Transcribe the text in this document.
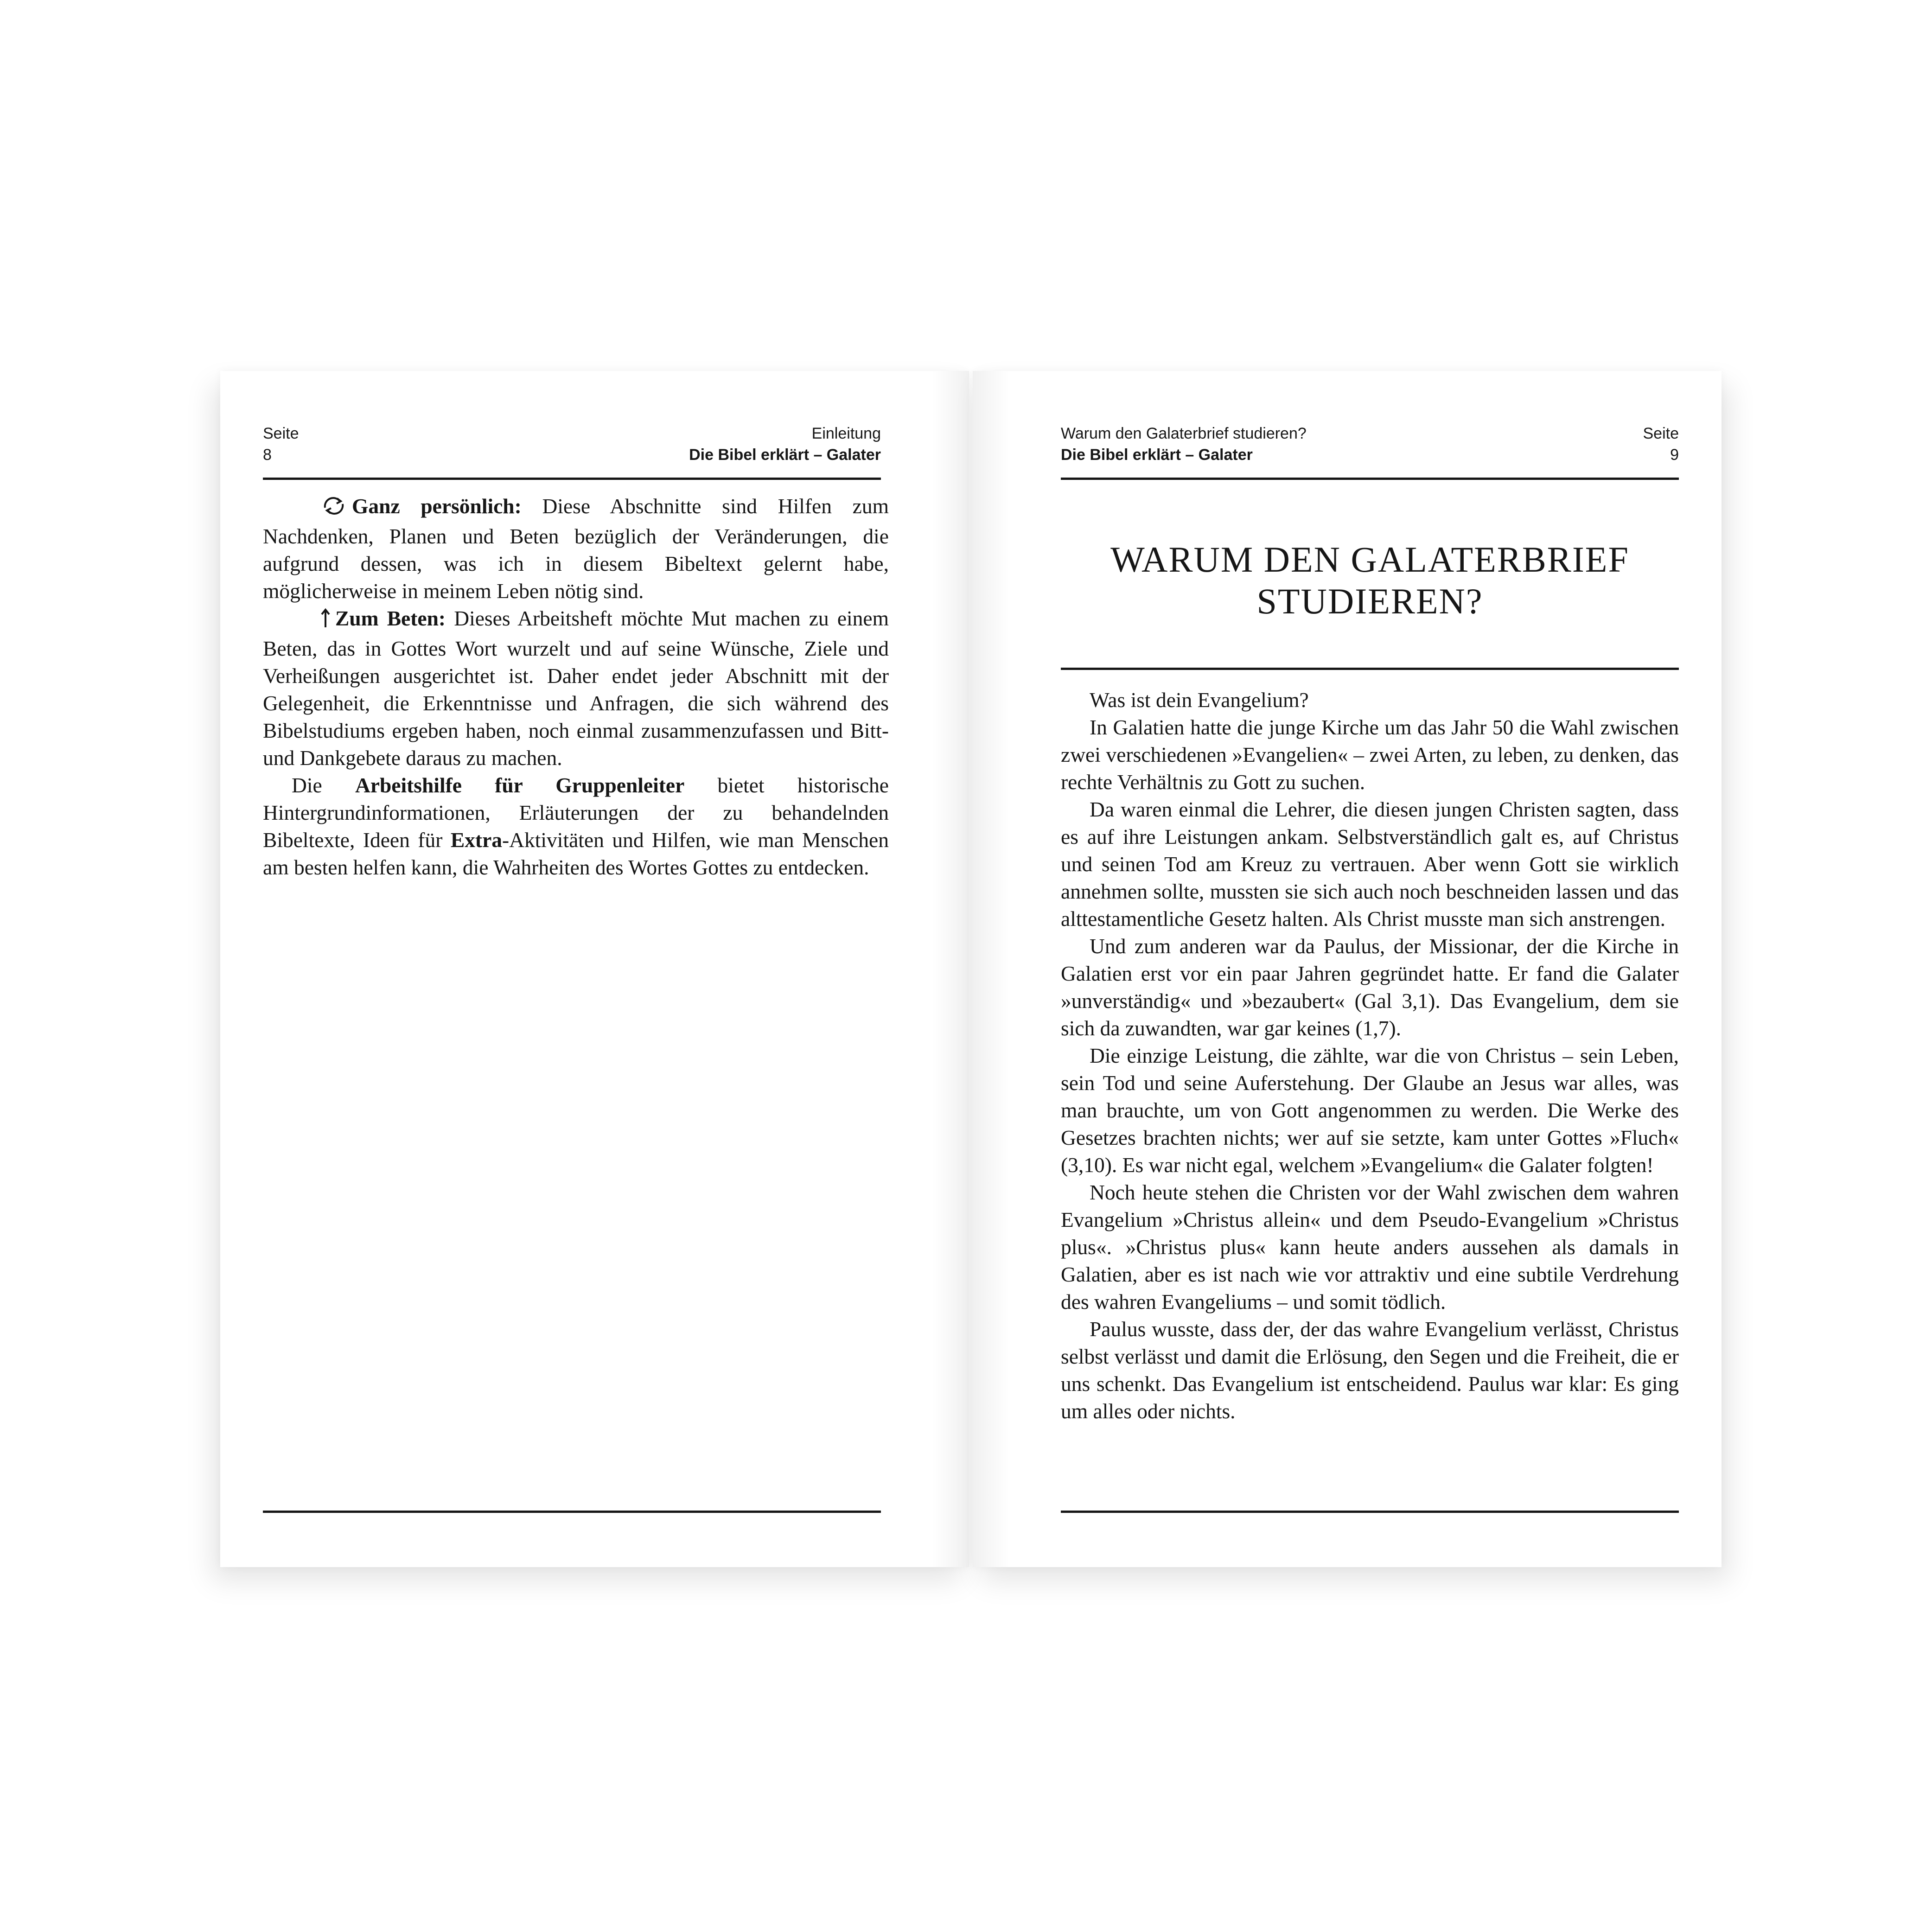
Seite	Einleitung
8	Die Bibel erklärt – Galater

Ganz persönlich: Diese Abschnitte sind Hilfen zum Nachdenken, Planen und Beten bezüglich der Veränderungen, die aufgrund dessen, was ich in diesem Bibeltext gelernt habe, möglicherweise in meinem Leben nötig sind.

Zum Beten: Dieses Arbeitsheft möchte Mut machen zu einem Beten, das in Gottes Wort wurzelt und auf seine Wünsche, Ziele und Verheißungen ausgerichtet ist. Daher endet jeder Abschnitt mit der Gelegenheit, die Erkenntnisse und Anfragen, die sich während des Bibelstudiums ergeben haben, noch einmal zusammenzufassen und Bitt- und Dankgebete daraus zu machen.

Die Arbeitshilfe für Gruppenleiter bietet historische Hintergrundinformationen, Erläuterungen der zu behandelnden Bibeltexte, Ideen für Extra-Aktivitäten und Hilfen, wie man Menschen am besten helfen kann, die Wahrheiten des Wortes Gottes zu entdecken.

Warum den Galaterbrief studieren?	Seite
Die Bibel erklärt – Galater	9
WARUM DEN GALATERBRIEF
STUDIEREN?

Was ist dein Evangelium?

In Galatien hatte die junge Kirche um das Jahr 50 die Wahl zwischen zwei verschiedenen »Evangelien« – zwei Arten, zu leben, zu denken, das rechte Verhältnis zu Gott zu suchen.

Da waren einmal die Lehrer, die diesen jungen Christen sagten, dass es auf ihre Leistungen ankam. Selbstverständlich galt es, auf Christus und seinen Tod am Kreuz zu vertrauen. Aber wenn Gott sie wirklich annehmen sollte, mussten sie sich auch noch beschneiden lassen und das alttestamentliche Gesetz halten. Als Christ musste man sich anstrengen.

Und zum anderen war da Paulus, der Missionar, der die Kirche in Galatien erst vor ein paar Jahren gegründet hatte. Er fand die Galater »unverständig« und »bezaubert« (Gal 3,1). Das Evangelium, dem sie sich da zuwandten, war gar keines (1,7).

Die einzige Leistung, die zählte, war die von Christus – sein Leben, sein Tod und seine Auferstehung. Der Glaube an Jesus war alles, was man brauchte, um von Gott angenommen zu werden. Die Werke des Gesetzes brachten nichts; wer auf sie setzte, kam unter Gottes »Fluch« (3,10). Es war nicht egal, welchem »Evangelium« die Galater folgten!

Noch heute stehen die Christen vor der Wahl zwischen dem wahren Evangelium »Christus allein« und dem Pseudo-Evangelium »Christus plus«. »Christus plus« kann heute anders aussehen als damals in Galatien, aber es ist nach wie vor attraktiv und eine subtile Verdrehung des wahren Evangeliums – und somit tödlich.

Paulus wusste, dass der, der das wahre Evangelium verlässt, Christus selbst verlässt und damit die Erlösung, den Segen und die Freiheit, die er uns schenkt. Das Evangelium ist entscheidend. Paulus war klar: Es ging um alles oder nichts.
